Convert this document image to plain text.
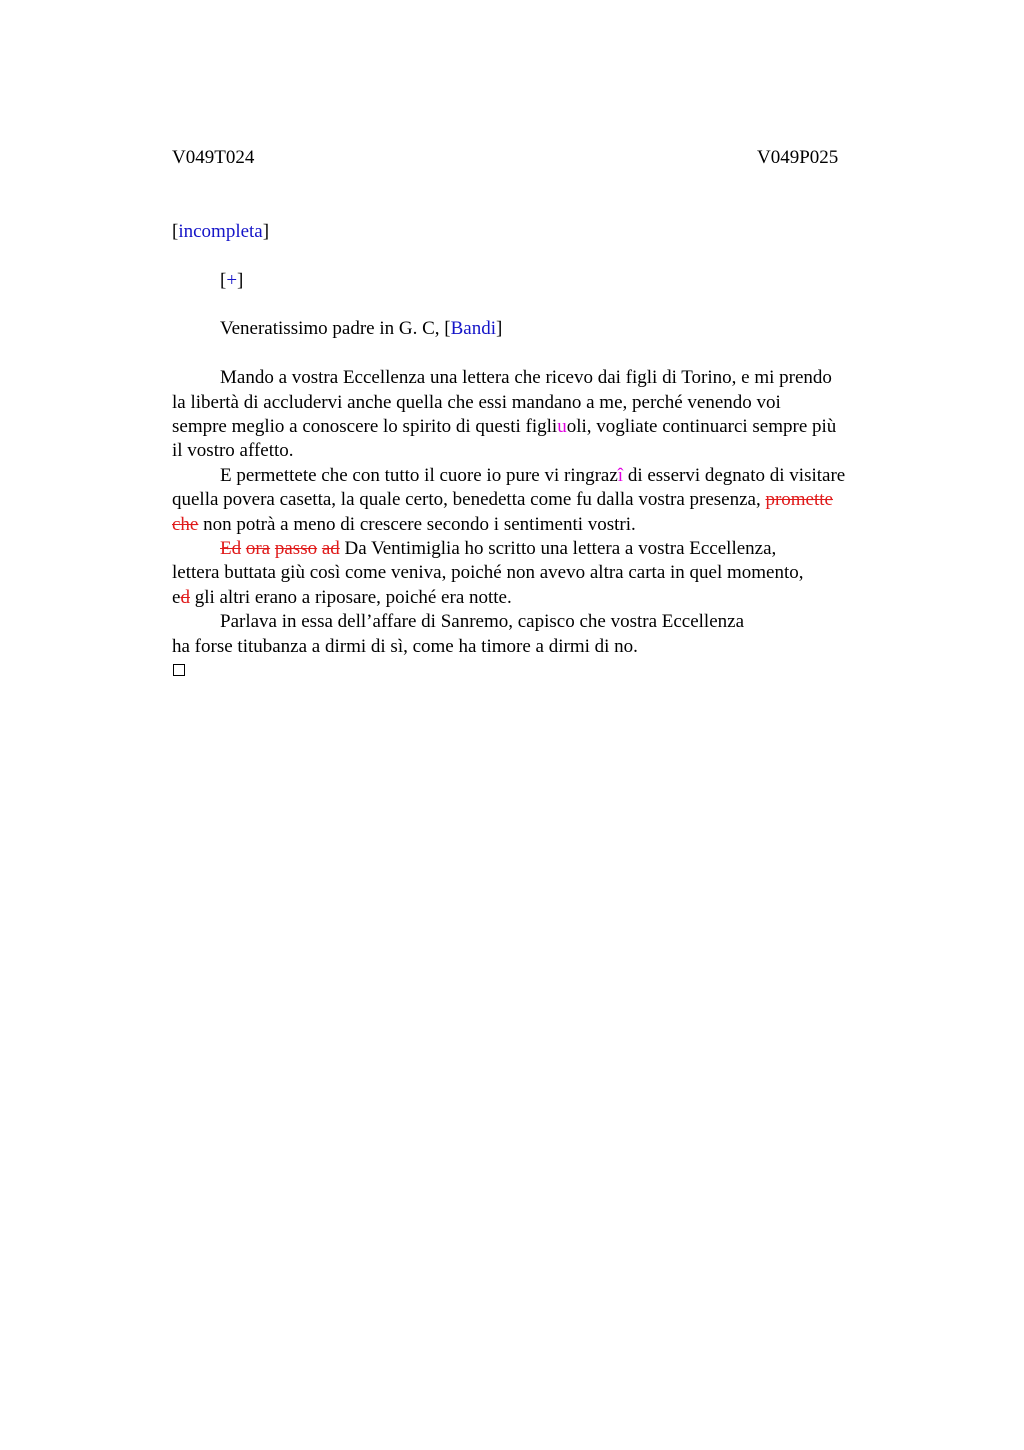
V049T024	V049P025
[incompleta]
[+]
Veneratissimo padre in G. C, [Bandi]
Mando a vostra Eccellenza una lettera che ricevo dai figli di Torino, e mi prendo
la libertà di accludervi anche quella che essi mandano a me, perché venendo voi
sempre meglio a conoscere lo spirito di questi figliuoli, vogliate continuarci sempre più
il vostro affetto.
E permettete che con tutto il cuore io pure vi ringrazî di esservi degnato di visitare
quella povera casetta, la quale certo, benedetta come fu dalla vostra presenza, promette
che non potrà a meno di crescere secondo i sentimenti vostri.
Ed ora passo ad Da Ventimiglia ho scritto una lettera a vostra Eccellenza,
lettera buttata giù così come veniva, poiché non avevo altra carta in quel momento,
ed gli altri erano a riposare, poiché era notte.
Parlava in essa dell’affare di Sanremo, capisco che vostra Eccellenza
ha forse titubanza a dirmi di sì, come ha timore a dirmi di no.
